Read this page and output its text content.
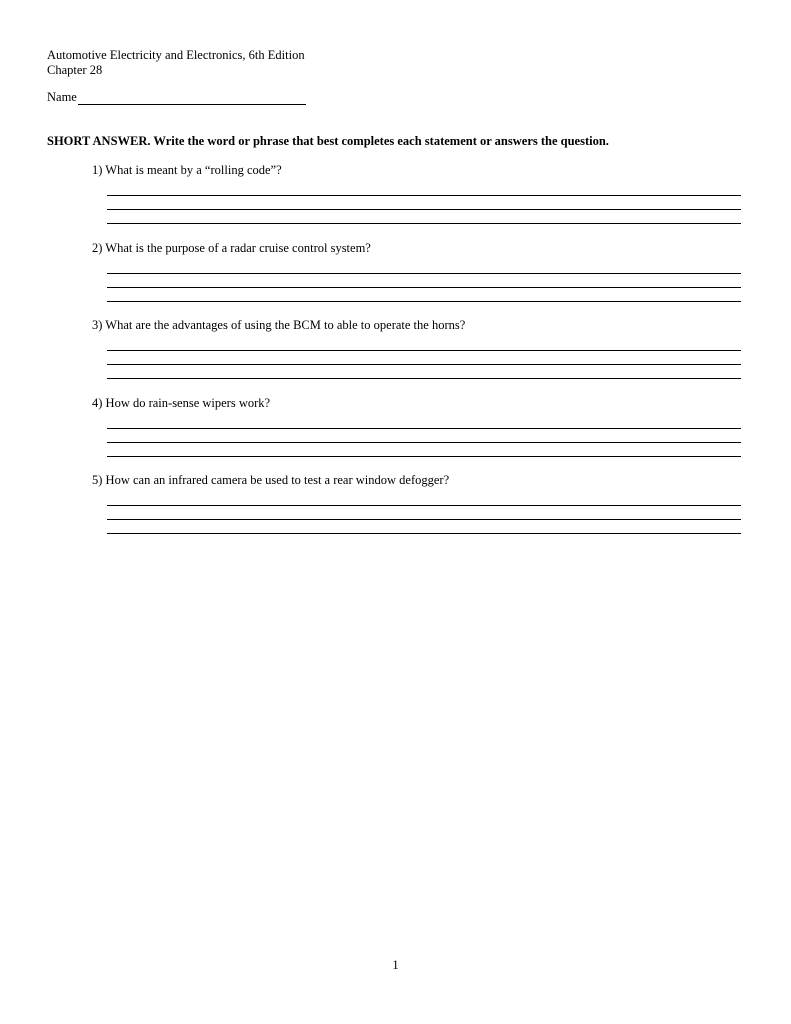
Automotive Electricity and Electronics, 6th Edition
Chapter 28
Name
SHORT ANSWER. Write the word or phrase that best completes each statement or answers the question.
1) What is meant by a “rolling code”?
2) What is the purpose of a radar cruise control system?
3) What are the advantages of using the BCM to able to operate the horns?
4) How do rain-sense wipers work?
5) How can an infrared camera be used to test a rear window defogger?
1
